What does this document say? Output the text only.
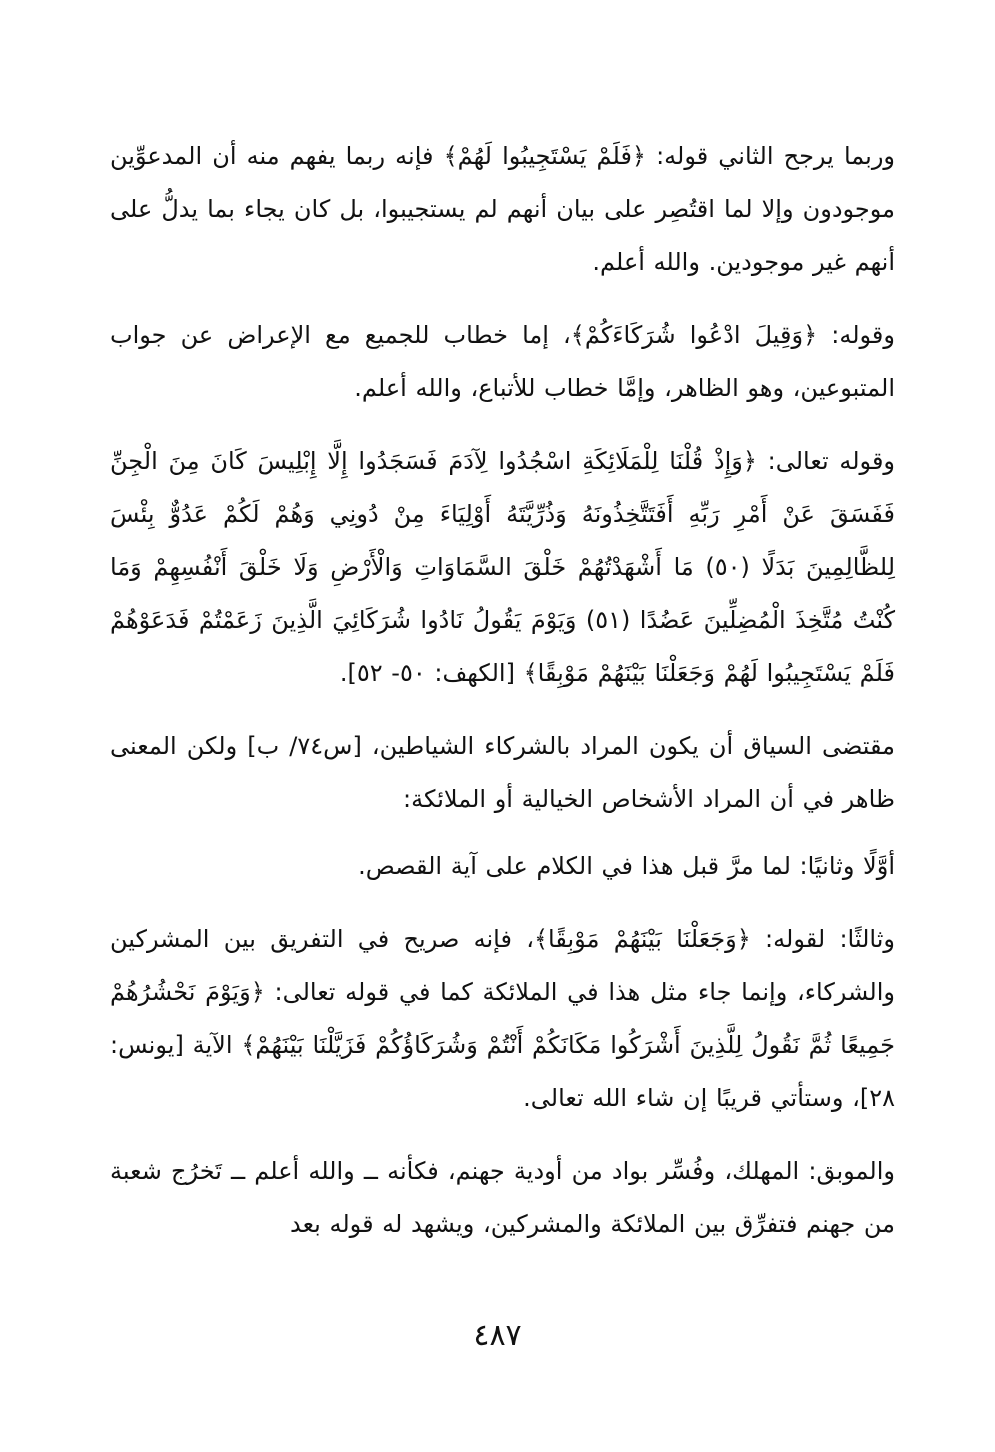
وربما يرجح الثاني قوله: ﴿فَلَمْ يَسْتَجِيبُوا لَهُمْ﴾ فإنه ربما يفهم منه أن المدعوِّين موجودون وإلا لما اقتُصِر على بيان أنهم لم يستجيبوا، بل كان يجاء بما يدلُّ على أنهم غير موجودين. والله أعلم.

وقوله: ﴿وَقِيلَ ادْعُوا شُرَكَاءَكُمْ﴾، إما خطاب للجميع مع الإعراض عن جواب المتبوعين، وهو الظاهر، وإمَّا خطاب للأتباع، والله أعلم.

وقوله تعالى: ﴿وَإِذْ قُلْنَا لِلْمَلَائِكَةِ اسْجُدُوا لِآدَمَ فَسَجَدُوا إِلَّا إِبْلِيسَ كَانَ مِنَ الْجِنِّ فَفَسَقَ عَنْ أَمْرِ رَبِّهِ أَفَتَتَّخِذُونَهُ وَذُرِّيَّتَهُ أَوْلِيَاءَ مِنْ دُونِي وَهُمْ لَكُمْ عَدُوٌّ بِئْسَ لِلظَّالِمِينَ بَدَلًا (٥٠) مَا أَشْهَدْتُهُمْ خَلْقَ السَّمَاوَاتِ وَالْأَرْضِ وَلَا خَلْقَ أَنْفُسِهِمْ وَمَا كُنْتُ مُتَّخِذَ الْمُضِلِّينَ عَضُدًا (٥١) وَيَوْمَ يَقُولُ نَادُوا شُرَكَائِيَ الَّذِينَ زَعَمْتُمْ فَدَعَوْهُمْ فَلَمْ يَسْتَجِيبُوا لَهُمْ وَجَعَلْنَا بَيْنَهُمْ مَوْبِقًا﴾ [الكهف: ٥٠- ٥٢].

مقتضى السياق أن يكون المراد بالشركاء الشياطين، [س٧٤/ ب] ولكن المعنى ظاهر في أن المراد الأشخاص الخيالية أو الملائكة:

أوَّلًا وثانيًا: لما مرَّ قبل هذا في الكلام على آية القصص.

وثالثًا: لقوله: ﴿وَجَعَلْنَا بَيْنَهُمْ مَوْبِقًا﴾، فإنه صريح في التفريق بين المشركين والشركاء، وإنما جاء مثل هذا في الملائكة كما في قوله تعالى: ﴿وَيَوْمَ نَحْشُرُهُمْ جَمِيعًا ثُمَّ نَقُولُ لِلَّذِينَ أَشْرَكُوا مَكَانَكُمْ أَنْتُمْ وَشُرَكَاؤُكُمْ فَزَيَّلْنَا بَيْنَهُمْ﴾ الآية [يونس: ٢٨]، وستأتي قريبًا إن شاء الله تعالى.

والموبق: المهلك، وفُسِّر بواد من أودية جهنم، فكأنه ــ والله أعلم ــ تَخرُج شعبة من جهنم فتفرِّق بين الملائكة والمشركين، ويشهد له قوله بعد

٤٨٧
